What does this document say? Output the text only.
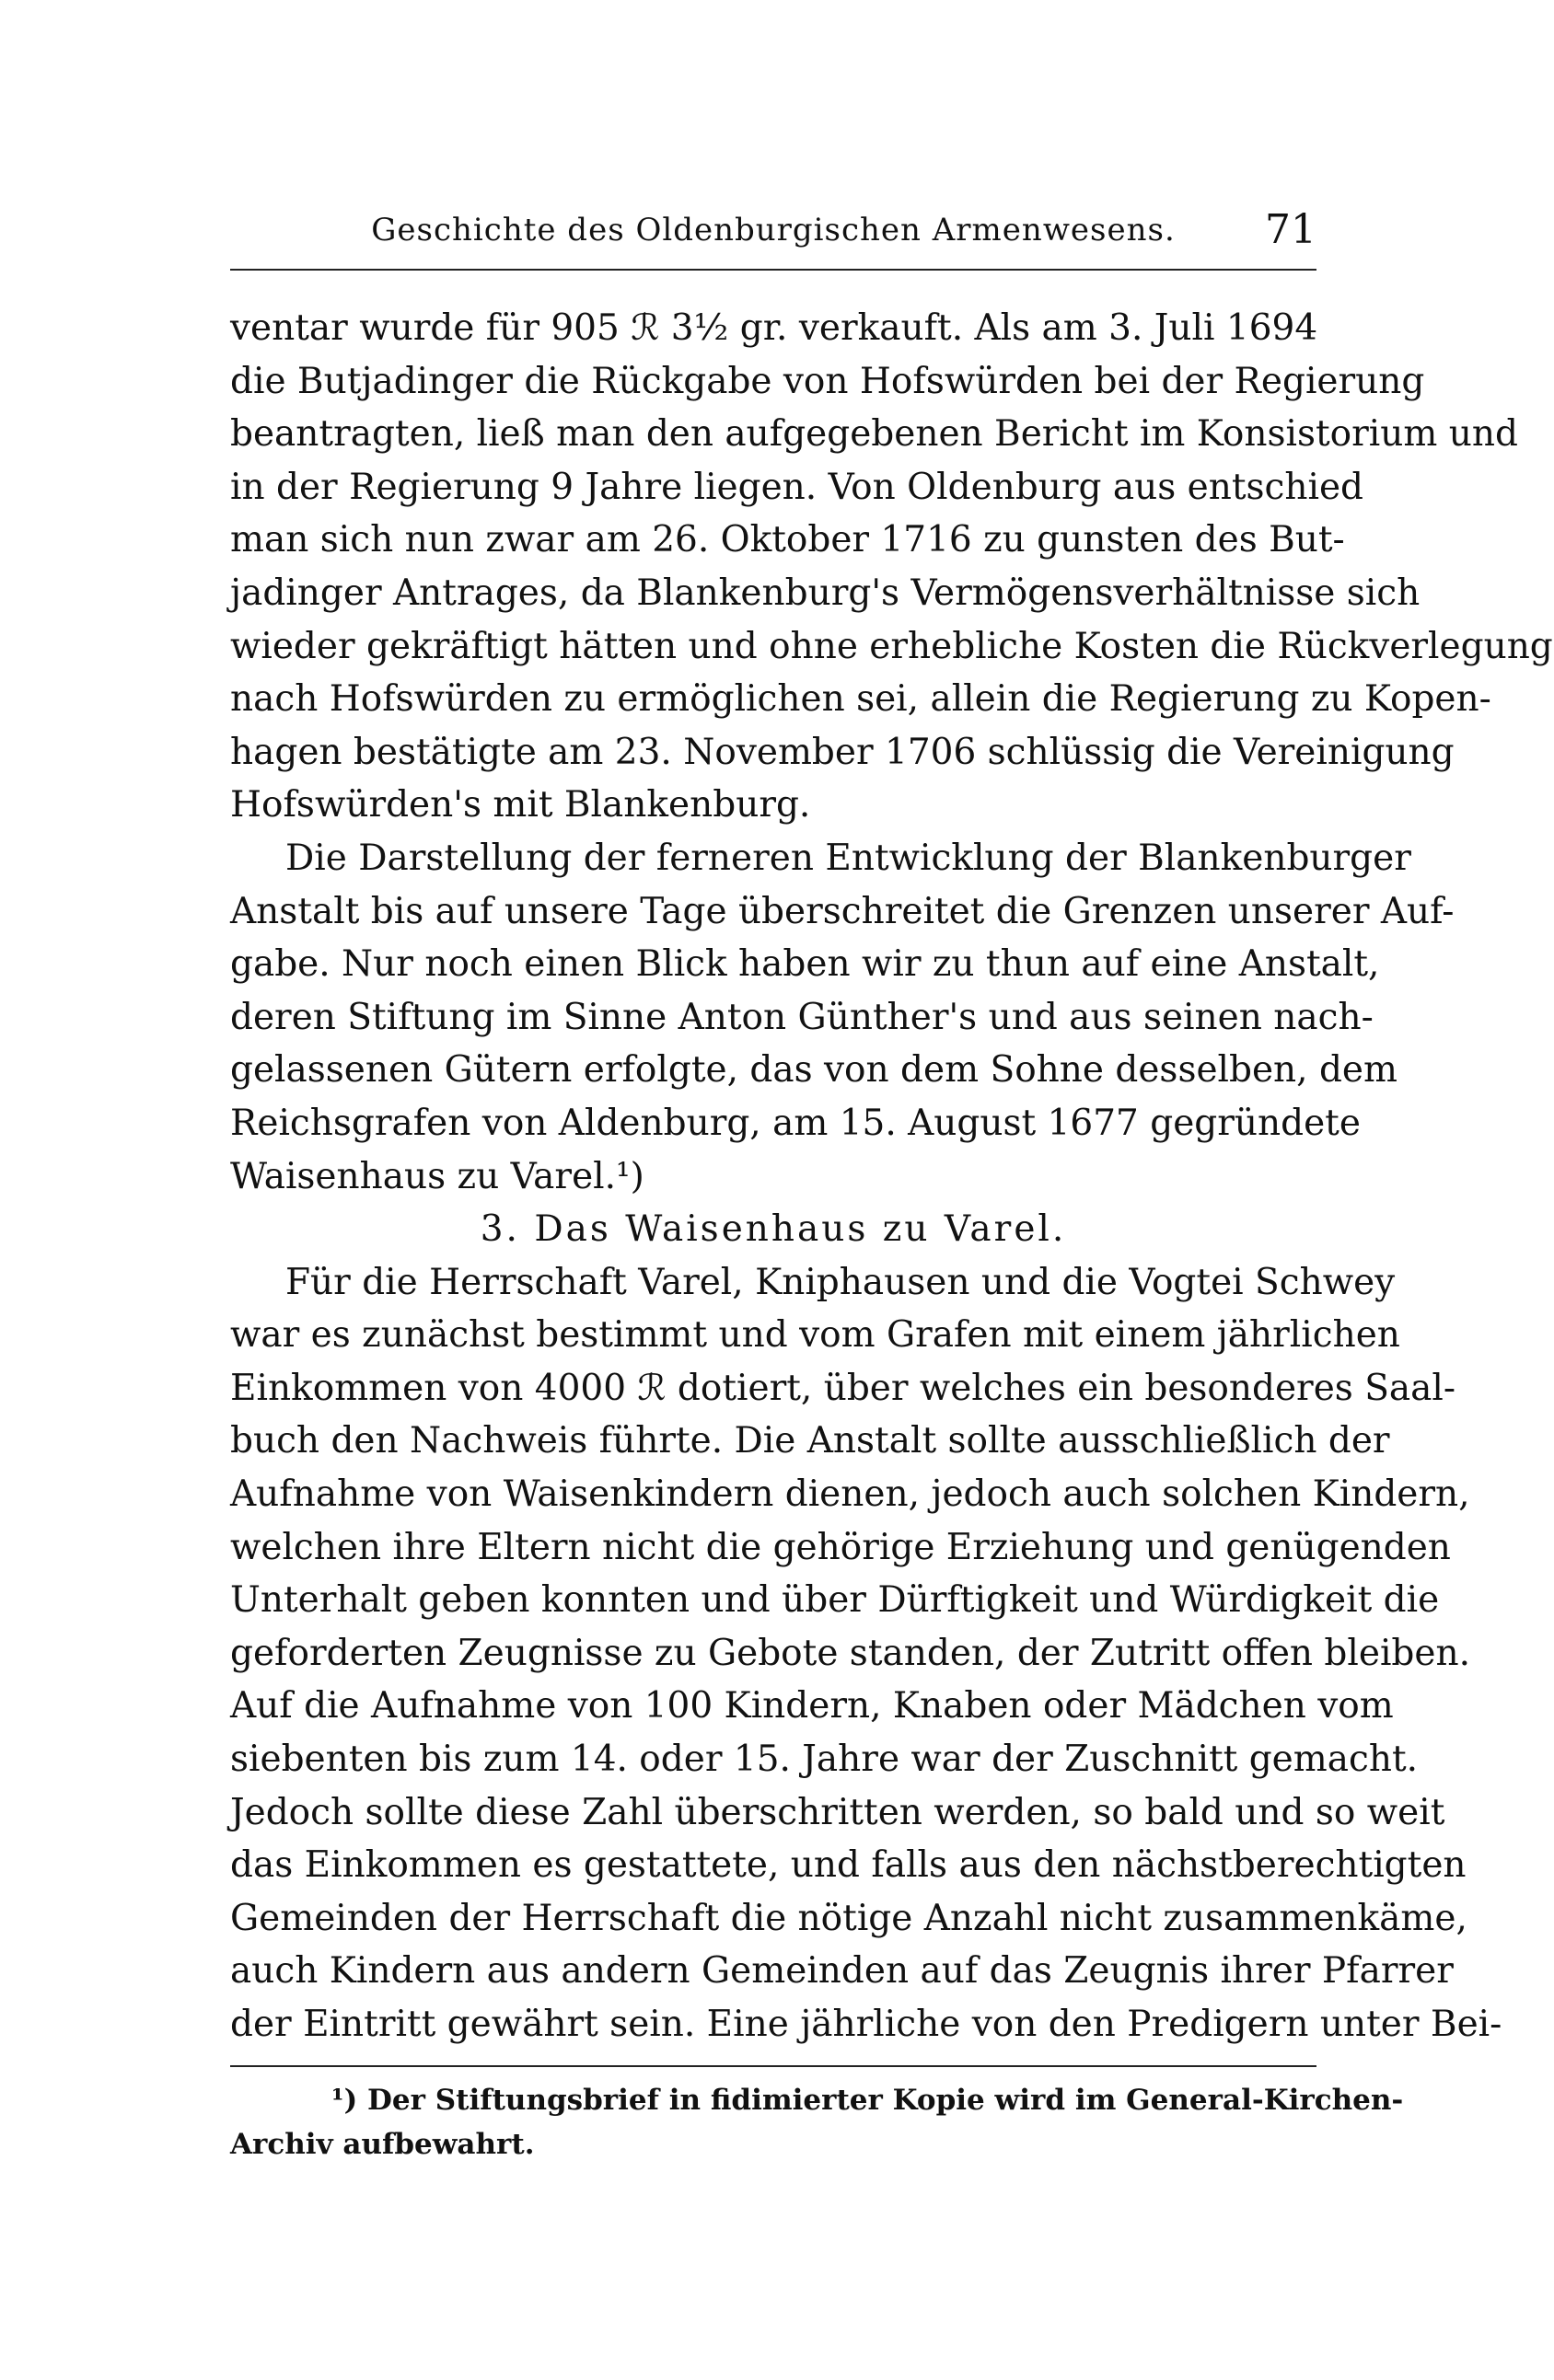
Geschichte des Oldenburgischen Armenwesens.	71
ventar wurde für 905 ℛ 3½ gr. verkauft. Als am 3. Juli 1694
die Butjadinger die Rückgabe von Hofswürden bei der Regierung
beantragten, ließ man den aufgegebenen Bericht im Konsistorium und
in der Regierung 9 Jahre liegen. Von Oldenburg aus entschied
man sich nun zwar am 26. Oktober 1716 zu gunsten des But-
jadinger Antrages, da Blankenburg's Vermögensverhältnisse sich
wieder gekräftigt hätten und ohne erhebliche Kosten die Rückverlegung
nach Hofswürden zu ermöglichen sei, allein die Regierung zu Kopen-
hagen bestätigte am 23. November 1706 schlüssig die Vereinigung
Hofswürden's mit Blankenburg.
Die Darstellung der ferneren Entwicklung der Blankenburger
Anstalt bis auf unsere Tage überschreitet die Grenzen unserer Auf-
gabe. Nur noch einen Blick haben wir zu thun auf eine Anstalt,
deren Stiftung im Sinne Anton Günther's und aus seinen nach-
gelassenen Gütern erfolgte, das von dem Sohne desselben, dem
Reichsgrafen von Aldenburg, am 15. August 1677 gegründete
Waisenhaus zu Varel.¹)
3. Das Waisenhaus zu Varel.
Für die Herrschaft Varel, Kniphausen und die Vogtei Schwey
war es zunächst bestimmt und vom Grafen mit einem jährlichen
Einkommen von 4000 ℛ dotiert, über welches ein besonderes Saal-
buch den Nachweis führte. Die Anstalt sollte ausschließlich der
Aufnahme von Waisenkindern dienen, jedoch auch solchen Kindern,
welchen ihre Eltern nicht die gehörige Erziehung und genügenden
Unterhalt geben konnten und über Dürftigkeit und Würdigkeit die
geforderten Zeugnisse zu Gebote standen, der Zutritt offen bleiben.
Auf die Aufnahme von 100 Kindern, Knaben oder Mädchen vom
siebenten bis zum 14. oder 15. Jahre war der Zuschnitt gemacht.
Jedoch sollte diese Zahl überschritten werden, so bald und so weit
das Einkommen es gestattete, und falls aus den nächstberechtigten
Gemeinden der Herrschaft die nötige Anzahl nicht zusammenkäme,
auch Kindern aus andern Gemeinden auf das Zeugnis ihrer Pfarrer
der Eintritt gewährt sein. Eine jährliche von den Predigern unter Bei-
¹) Der Stiftungsbrief in fidimierter Kopie wird im General-Kirchen-
Archiv aufbewahrt.
